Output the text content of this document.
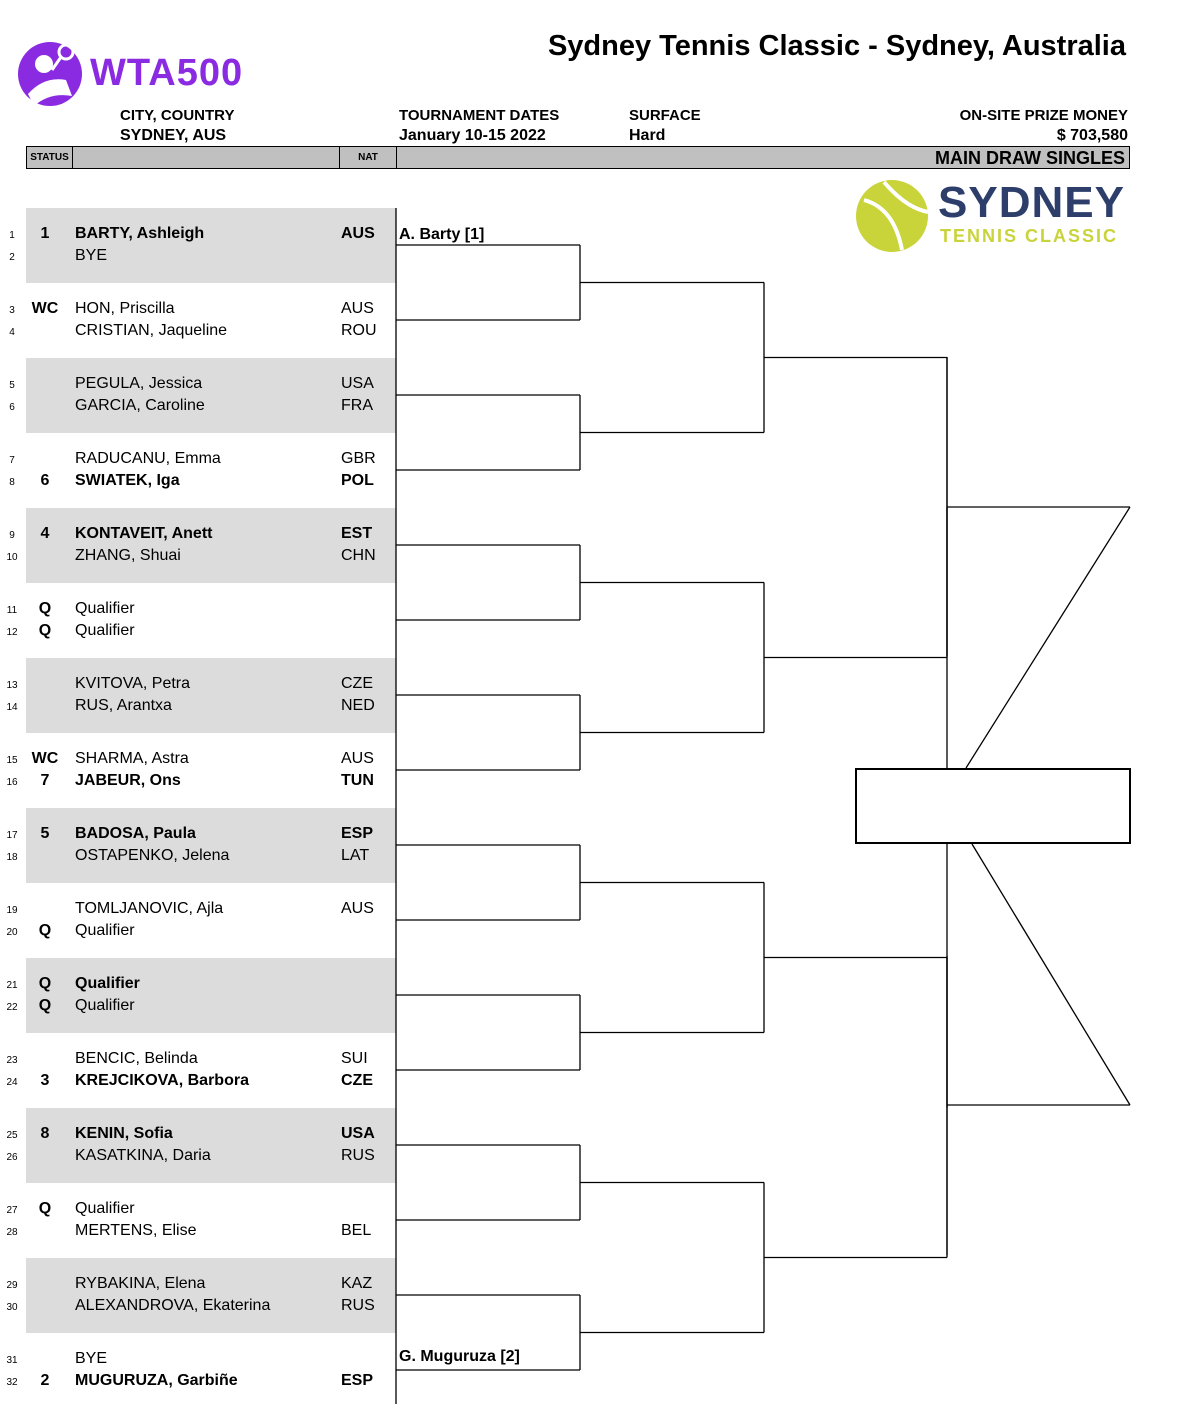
WTA500
Sydney Tennis Classic - Sydney, Australia
CITY, COUNTRY
SYDNEY, AUS
TOURNAMENT DATES
January 10-15 2022
SURFACE
Hard
ON-SITE PRIZE MONEY
$ 703,580
STATUS	NAT	MAIN DRAW SINGLES
SYDNEY
TENNIS CLASSIC
1	1	BARTY, Ashleigh	AUS
2	BYE
3	WC HON, Priscilla	AUS
4	CRISTIAN, Jaqueline	ROU
5	PEGULA, Jessica	USA
6	GARCIA, Caroline	FRA
7	RADUCANU, Emma	GBR
8	6	SWIATEK, Iga	POL
9	4	KONTAVEIT, Anett	EST
10	ZHANG, Shuai	CHN
11	Q	Qualifier
12	Q	Qualifier
13	KVITOVA, Petra	CZE
14	RUS, Arantxa	NED
15 WC SHARMA, Astra	AUS
16	7	JABEUR, Ons	TUN
17	5	BADOSA, Paula	ESP
18	OSTAPENKO, Jelena	LAT
19	TOMLJANOVIC, Ajla	AUS
20	Q	Qualifier
21	Q	Qualifier
22	Q	Qualifier
23	BENCIC, Belinda	SUI
24	3	KREJCIKOVA, Barbora	CZE
25	8	KENIN, Sofia	USA
26	KASATKINA, Daria	RUS
27	Q	Qualifier
28	MERTENS, Elise	BEL
29	RYBAKINA, Elena	KAZ
30	ALEXANDROVA, Ekaterina	RUS
31	BYE
32	2	MUGURUZA, Garbiñe	ESP
A. Barty [1]
G. Muguruza [2]
